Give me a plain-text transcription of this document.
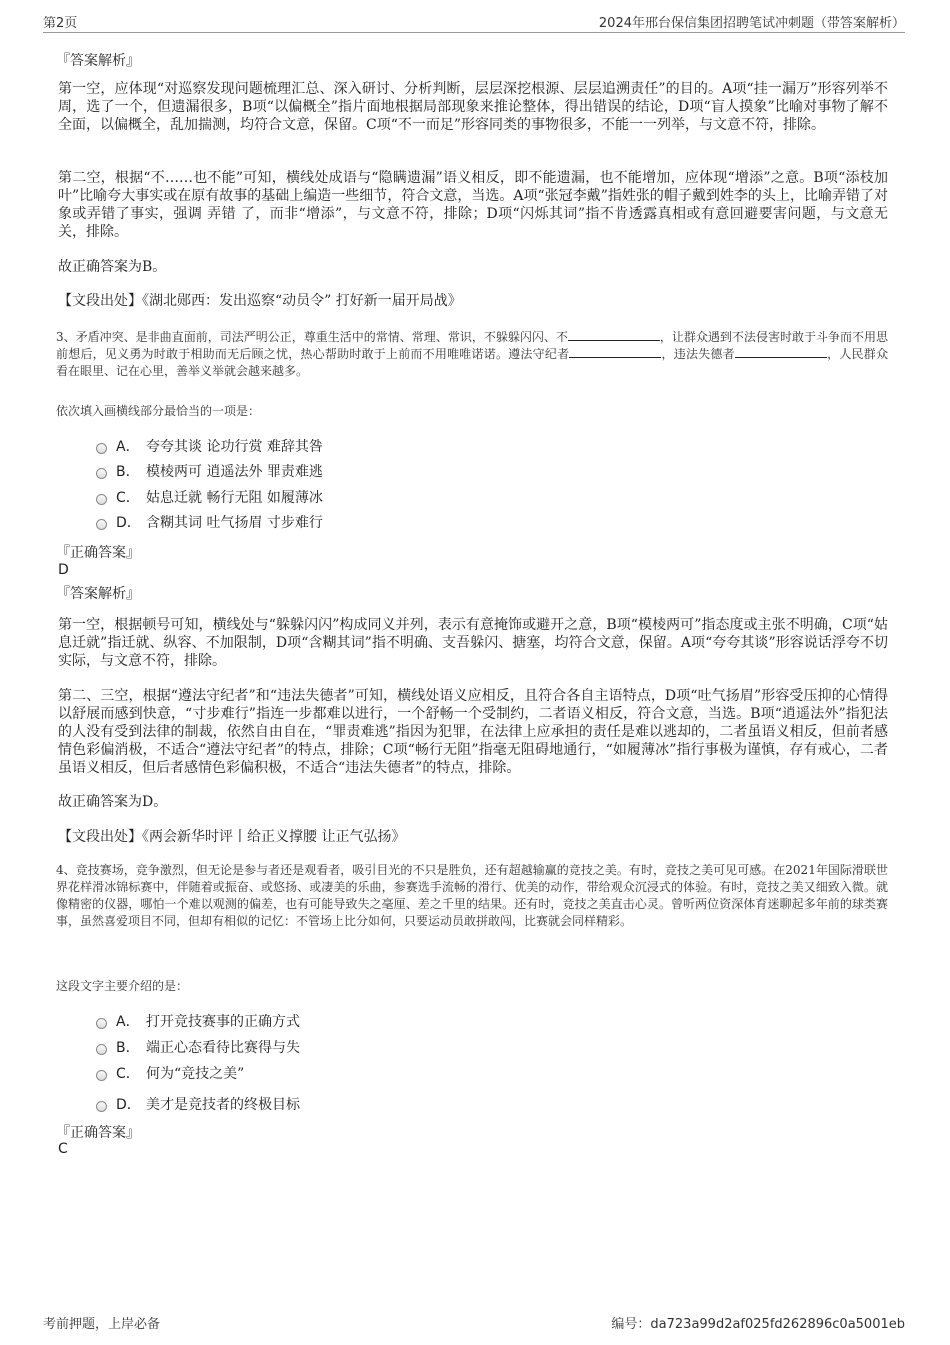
第2页	2024年邢台保信集团招聘笔试冲刺题（带答案解析）
『答案解析』
第一空，应体现“对巡察发现问题梳理汇总、深入研讨、分析判断，层层深挖根源、层层追溯责任”的目的。A项“挂一漏万”形容列举不周，选了一个，但遗漏很多，B项“以偏概全”指片面地根据局部现象来推论整体，得出错误的结论，D项“盲人摸象”比喻对事物了解不全面，以偏概全，乱加揣测，均符合文意，保留。C项“不一而足”形容同类的事物很多，不能一一列举，与文意不符，排除。
第二空，根据“不……也不能”可知，横线处成语与“隐瞒遗漏”语义相反，即不能遗漏，也不能增加，应体现“增添”之意。B项“添枝加叶”比喻夸大事实或在原有故事的基础上编造一些细节，符合文意，当选。A项“张冠李戴”指姓张的帽子戴到姓李的头上，比喻弄错了对象或弄错了事实，强调 弄错 了，而非“增添”，与文意不符，排除；D项“闪烁其词”指不肯透露真相或有意回避要害问题，与文意无关，排除。
故正确答案为B。
【文段出处】《湖北郧西：发出巡察“动员令” 打好新一届开局战》
3、矛盾冲突、是非曲直面前，司法严明公正，尊重生活中的常情、常理、常识，不躲躲闪闪、不	，让群众遇到不法侵害时敢于斗争而不用思前想后，见义勇为时敢于相助而无后顾之忧，热心帮助时敢于上前而不用唯唯诺诺。遵法守纪者	，违法失德者	，人民群众看在眼里、记在心里，善举义举就会越来越多。
依次填入画横线部分最恰当的一项是：
A． 夸夸其谈 论功行赏 难辞其咎
B． 模棱两可 逍遥法外 罪责难逃
C． 姑息迁就 畅行无阻 如履薄冰
D． 含糊其词 吐气扬眉 寸步难行
『正确答案』
D
『答案解析』
第一空，根据顿号可知，横线处与“躲躲闪闪”构成同义并列，表示有意掩饰或避开之意，B项“模棱两可”指态度或主张不明确，C项“姑息迁就”指迁就、纵容、不加限制，D项“含糊其词”指不明确、支吾躲闪、搪塞，均符合文意，保留。A项“夸夸其谈”形容说话浮夸不切实际，与文意不符，排除。
第二、三空，根据“遵法守纪者”和“违法失德者”可知，横线处语义应相反，且符合各自主语特点，D项“吐气扬眉”形容受压抑的心情得以舒展而感到快意，“寸步难行”指连一步都难以进行，一个舒畅一个受制约，二者语义相反，符合文意，当选。B项“逍遥法外”指犯法的人没有受到法律的制裁，依然自由自在，“罪责难逃”指因为犯罪，在法律上应承担的责任是难以逃却的，二者虽语义相反，但前者感情色彩偏消极，不适合“遵法守纪者”的特点，排除；C项“畅行无阻”指毫无阻碍地通行，“如履薄冰”指行事极为谨慎，存有戒心，二者虽语义相反，但后者感情色彩偏积极，不适合“违法失德者”的特点，排除。
故正确答案为D。
【文段出处】《两会新华时评丨给正义撑腰 让正气弘扬》
4、竞技赛场，竞争激烈，但无论是参与者还是观看者，吸引目光的不只是胜负，还有超越输赢的竞技之美。有时，竞技之美可见可感。在2021年国际滑联世界花样滑冰锦标赛中，伴随着或振奋、或悠扬、或凄美的乐曲，参赛选手流畅的滑行、优美的动作，带给观众沉浸式的体验。有时，竞技之美又细致入微。就像精密的仪器，哪怕一个难以观测的偏差，也有可能导致失之毫厘、差之千里的结果。还有时，竞技之美直击心灵。曾听两位资深体育迷聊起多年前的球类赛事，虽然喜爱项目不同，但却有相似的记忆：不管场上比分如何，只要运动员敢拼敢闯，比赛就会同样精彩。
这段文字主要介绍的是：
A． 打开竞技赛事的正确方式
B． 端正心态看待比赛得与失
C． 何为“竞技之美”
D． 美才是竞技者的终极目标
『正确答案』
C
考前押题，上岸必备	编号：da723a99d2af025fd262896c0a5001eb
